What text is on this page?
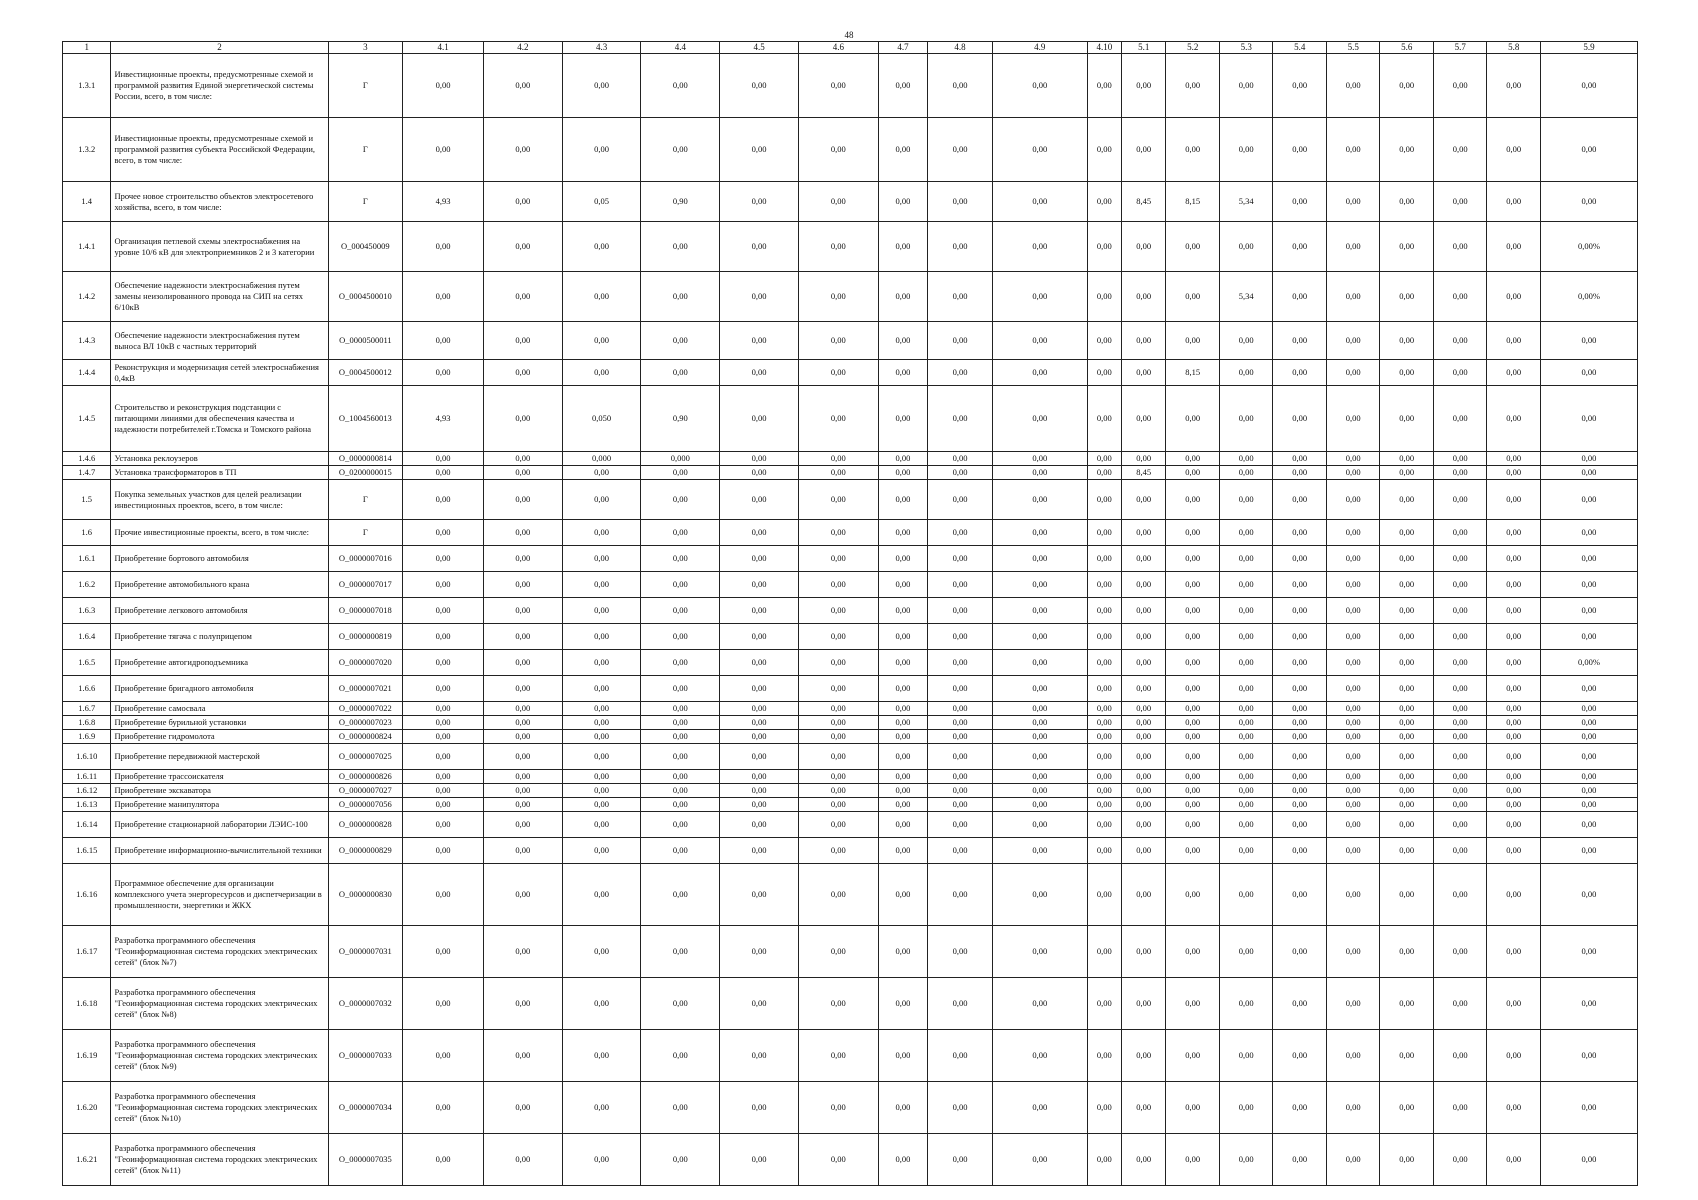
48
1	2	3	4.1	4.2	4.3	4.4	4.5	4.6	4.7	4.8	4.9	4.10	5.1	5.2	5.3	5.4	5.5	5.6	5.7	5.8	5.9
1.3.1	Инвестиционные проекты, предусмотренные схемой и программой развития Единой энергетической системы России, всего, в том числе:	Г	0,00	0,00	0,00	0,00	0,00	0,00	0,00	0,00	0,00	0,00	0,00	0,00	0,00	0,00	0,00	0,00	0,00	0,00	0,00
1.3.2	Инвестиционные проекты, предусмотренные схемой и программой развития субъекта Российской Федерации, всего, в том числе:	Г	0,00	0,00	0,00	0,00	0,00	0,00	0,00	0,00	0,00	0,00	0,00	0,00	0,00	0,00	0,00	0,00	0,00	0,00	0,00
1.4	Прочее новое строительство объектов электросетевого хозяйства, всего, в том числе:	Г	4,93	0,00	0,05	0,90	0,00	0,00	0,00	0,00	0,00	0,00	8,45	8,15	5,34	0,00	0,00	0,00	0,00	0,00	0,00
1.4.1	Организация петлевой схемы электроснабжения на уровне 10/6 кВ для электроприемников 2 и 3 категории	О_000450009	0,00	0,00	0,00	0,00	0,00	0,00	0,00	0,00	0,00	0,00	0,00	0,00	0,00	0,00	0,00	0,00	0,00	0,00	0,00%
1.4.2	Обеспечение надежности электроснабжения путем замены неизолированного провода на СИП на сетях 6/10кВ	О_0004500010	0,00	0,00	0,00	0,00	0,00	0,00	0,00	0,00	0,00	0,00	0,00	0,00	5,34	0,00	0,00	0,00	0,00	0,00	0,00%
1.4.3	Обеспечение надежности электроснабжения путем выноса ВЛ 10кВ с частных территорий	О_0000500011	0,00	0,00	0,00	0,00	0,00	0,00	0,00	0,00	0,00	0,00	0,00	0,00	0,00	0,00	0,00	0,00	0,00	0,00	0,00
1.4.4	Реконструкция и модернизация сетей электроснабжения 0,4кВ	О_0004500012	0,00	0,00	0,00	0,00	0,00	0,00	0,00	0,00	0,00	0,00	0,00	8,15	0,00	0,00	0,00	0,00	0,00	0,00	0,00
1.4.5	Строительство и реконструкция подстанции с питающими линиями для обеспечения качества и надежности потребителей г.Томска и Томского района	О_1004560013	4,93	0,00	0,050	0,90	0,00	0,00	0,00	0,00	0,00	0,00	0,00	0,00	0,00	0,00	0,00	0,00	0,00	0,00	0,00
1.4.6	Установка реклоузеров	О_0000000814	0,00	0,00	0,000	0,000	0,00	0,00	0,00	0,00	0,00	0,00	0,00	0,00	0,00	0,00	0,00	0,00	0,00	0,00	0,00
1.4.7	Установка трансформаторов в ТП	О_0200000015	0,00	0,00	0,00	0,00	0,00	0,00	0,00	0,00	0,00	0,00	8,45	0,00	0,00	0,00	0,00	0,00	0,00	0,00	0,00
1.5	Покупка земельных участков для целей реализации инвестиционных проектов, всего, в том числе:	Г	0,00	0,00	0,00	0,00	0,00	0,00	0,00	0,00	0,00	0,00	0,00	0,00	0,00	0,00	0,00	0,00	0,00	0,00	0,00
1.6	Прочие инвестиционные проекты, всего, в том числе:	Г	0,00	0,00	0,00	0,00	0,00	0,00	0,00	0,00	0,00	0,00	0,00	0,00	0,00	0,00	0,00	0,00	0,00	0,00	0,00
1.6.1	Приобретение бортового автомобиля	О_0000007016	0,00	0,00	0,00	0,00	0,00	0,00	0,00	0,00	0,00	0,00	0,00	0,00	0,00	0,00	0,00	0,00	0,00	0,00	0,00
1.6.2	Приобретение автомобильного крана	О_0000007017	0,00	0,00	0,00	0,00	0,00	0,00	0,00	0,00	0,00	0,00	0,00	0,00	0,00	0,00	0,00	0,00	0,00	0,00	0,00
1.6.3	Приобретение легкового автомобиля	О_0000007018	0,00	0,00	0,00	0,00	0,00	0,00	0,00	0,00	0,00	0,00	0,00	0,00	0,00	0,00	0,00	0,00	0,00	0,00	0,00
1.6.4	Приобретение тягача с полуприцепом	О_0000000819	0,00	0,00	0,00	0,00	0,00	0,00	0,00	0,00	0,00	0,00	0,00	0,00	0,00	0,00	0,00	0,00	0,00	0,00	0,00
1.6.5	Приобретение автогидроподъемника	О_0000007020	0,00	0,00	0,00	0,00	0,00	0,00	0,00	0,00	0,00	0,00	0,00	0,00	0,00	0,00	0,00	0,00	0,00	0,00	0,00%
1.6.6	Приобретение бригадного автомобиля	О_0000007021	0,00	0,00	0,00	0,00	0,00	0,00	0,00	0,00	0,00	0,00	0,00	0,00	0,00	0,00	0,00	0,00	0,00	0,00	0,00
1.6.7	Приобретение самосвала	О_0000007022	0,00	0,00	0,00	0,00	0,00	0,00	0,00	0,00	0,00	0,00	0,00	0,00	0,00	0,00	0,00	0,00	0,00	0,00	0,00
1.6.8	Приобретение бурильной установки	О_0000007023	0,00	0,00	0,00	0,00	0,00	0,00	0,00	0,00	0,00	0,00	0,00	0,00	0,00	0,00	0,00	0,00	0,00	0,00	0,00
1.6.9	Приобретение гидромолота	О_0000000824	0,00	0,00	0,00	0,00	0,00	0,00	0,00	0,00	0,00	0,00	0,00	0,00	0,00	0,00	0,00	0,00	0,00	0,00	0,00
1.6.10	Приобретение передвижной мастерской	О_0000007025	0,00	0,00	0,00	0,00	0,00	0,00	0,00	0,00	0,00	0,00	0,00	0,00	0,00	0,00	0,00	0,00	0,00	0,00	0,00
1.6.11	Приобретение трассоискателя	О_0000000826	0,00	0,00	0,00	0,00	0,00	0,00	0,00	0,00	0,00	0,00	0,00	0,00	0,00	0,00	0,00	0,00	0,00	0,00	0,00
1.6.12	Приобретение экскаватора	О_0000007027	0,00	0,00	0,00	0,00	0,00	0,00	0,00	0,00	0,00	0,00	0,00	0,00	0,00	0,00	0,00	0,00	0,00	0,00	0,00
1.6.13	Приобретение манипулятора	О_0000007056	0,00	0,00	0,00	0,00	0,00	0,00	0,00	0,00	0,00	0,00	0,00	0,00	0,00	0,00	0,00	0,00	0,00	0,00	0,00
1.6.14	Приобретение стационарной лаборатории ЛЭИС-100	О_0000000828	0,00	0,00	0,00	0,00	0,00	0,00	0,00	0,00	0,00	0,00	0,00	0,00	0,00	0,00	0,00	0,00	0,00	0,00	0,00
1.6.15	Приобретение информационно-вычислительной техники	О_0000000829	0,00	0,00	0,00	0,00	0,00	0,00	0,00	0,00	0,00	0,00	0,00	0,00	0,00	0,00	0,00	0,00	0,00	0,00	0,00
1.6.16	Программное обеспечение для организации комплексного учета энергоресурсов и диспетчеризации в промышленности, энергетики и ЖКХ	О_0000000830	0,00	0,00	0,00	0,00	0,00	0,00	0,00	0,00	0,00	0,00	0,00	0,00	0,00	0,00	0,00	0,00	0,00	0,00	0,00
1.6.17	Разработка программного обеспечения "Геоинформационная система городских электрических сетей" (блок №7)	О_0000007031	0,00	0,00	0,00	0,00	0,00	0,00	0,00	0,00	0,00	0,00	0,00	0,00	0,00	0,00	0,00	0,00	0,00	0,00	0,00
1.6.18	Разработка программного обеспечения "Геоинформационная система городских электрических сетей" (блок №8)	О_0000007032	0,00	0,00	0,00	0,00	0,00	0,00	0,00	0,00	0,00	0,00	0,00	0,00	0,00	0,00	0,00	0,00	0,00	0,00	0,00
1.6.19	Разработка программного обеспечения "Геоинформационная система городских электрических сетей" (блок №9)	О_0000007033	0,00	0,00	0,00	0,00	0,00	0,00	0,00	0,00	0,00	0,00	0,00	0,00	0,00	0,00	0,00	0,00	0,00	0,00	0,00
1.6.20	Разработка программного обеспечения "Геоинформационная система городских электрических сетей" (блок №10)	О_0000007034	0,00	0,00	0,00	0,00	0,00	0,00	0,00	0,00	0,00	0,00	0,00	0,00	0,00	0,00	0,00	0,00	0,00	0,00	0,00
1.6.21	Разработка программного обеспечения "Геоинформационная система городских электрических сетей" (блок №11)	О_0000007035	0,00	0,00	0,00	0,00	0,00	0,00	0,00	0,00	0,00	0,00	0,00	0,00	0,00	0,00	0,00	0,00	0,00	0,00	0,00
